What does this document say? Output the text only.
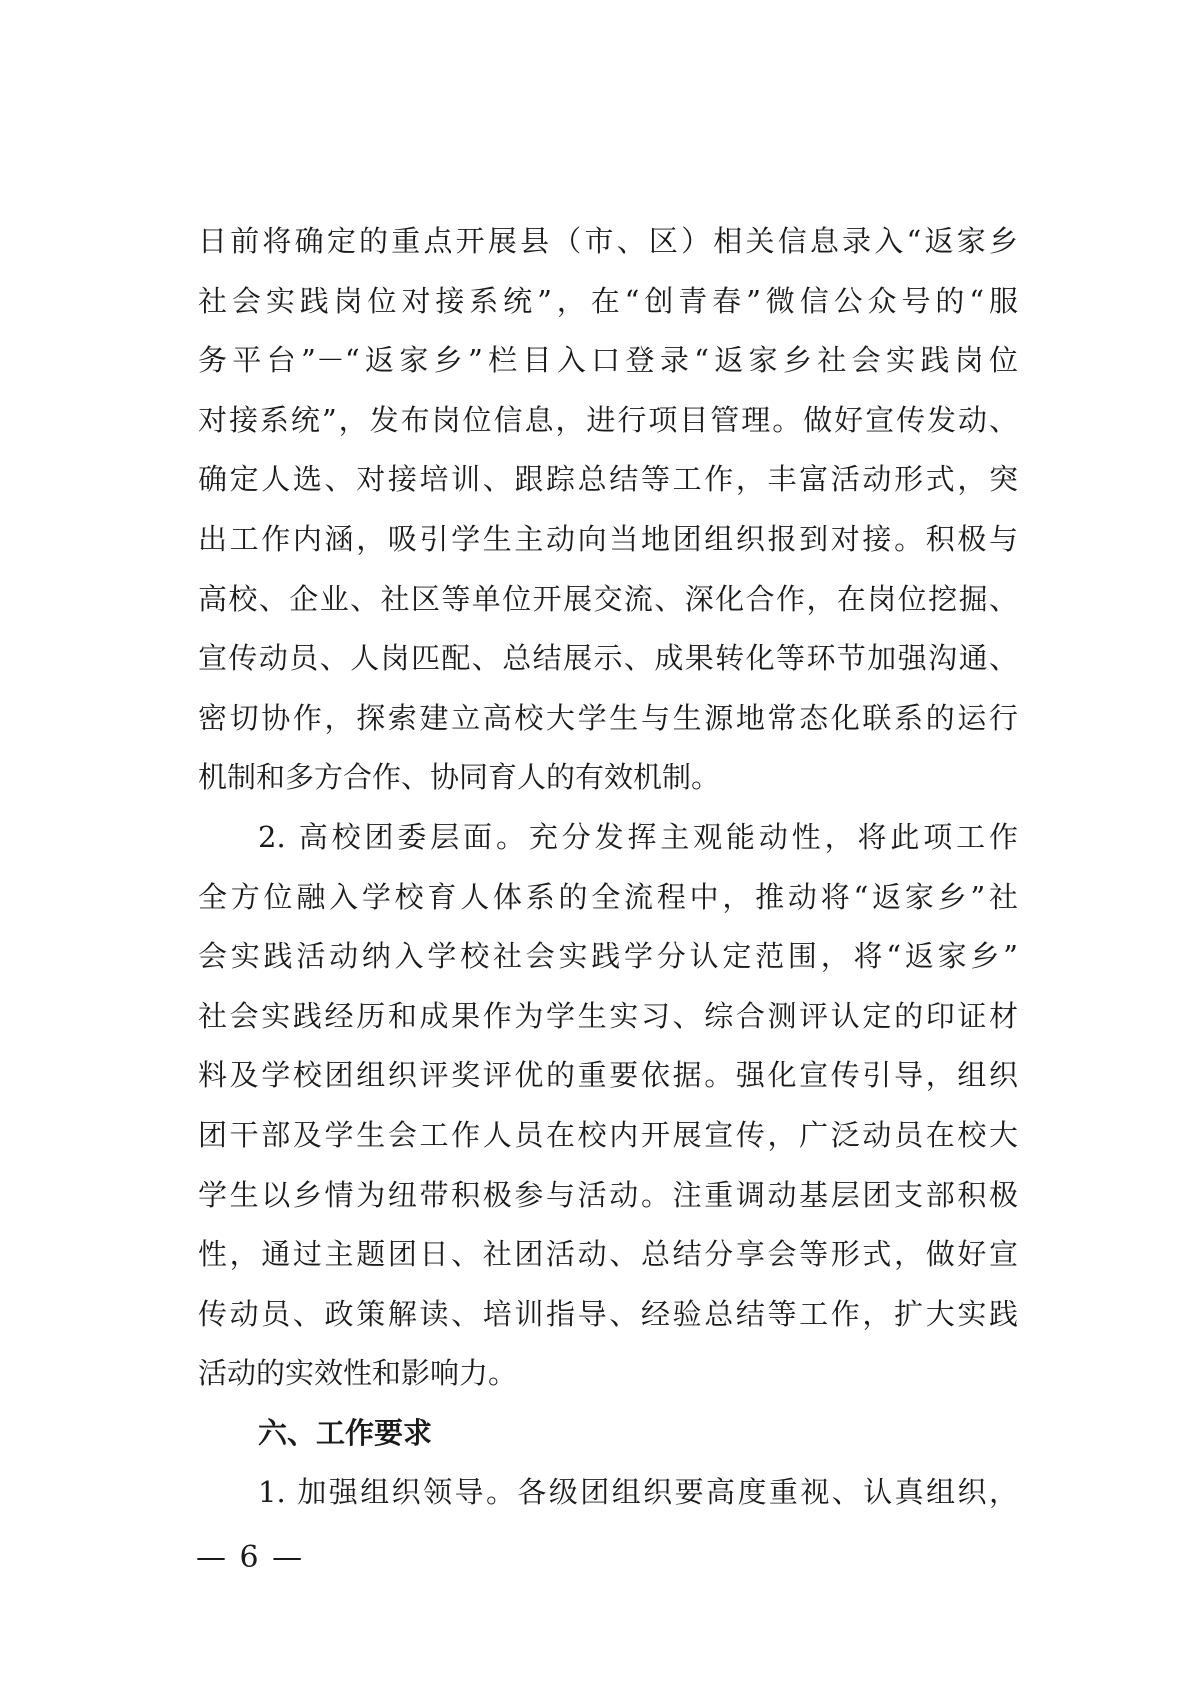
日前将确定的重点开展县（市、区）相关信息录入“返家乡
社会实践岗位对接系统”，在“创青春”微信公众号的“服
务平台”－“返家乡”栏目入口登录“返家乡社会实践岗位
对接系统”，发布岗位信息，进行项目管理。做好宣传发动、
确定人选、对接培训、跟踪总结等工作，丰富活动形式，突
出工作内涵，吸引学生主动向当地团组织报到对接。积极与
高校、企业、社区等单位开展交流、深化合作，在岗位挖掘、
宣传动员、人岗匹配、总结展示、成果转化等环节加强沟通、
密切协作，探索建立高校大学生与生源地常态化联系的运行
机制和多方合作、协同育人的有效机制。
2. 高校团委层面。充分发挥主观能动性，将此项工作
全方位融入学校育人体系的全流程中，推动将“返家乡”社
会实践活动纳入学校社会实践学分认定范围，将“返家乡”
社会实践经历和成果作为学生实习、综合测评认定的印证材
料及学校团组织评奖评优的重要依据。强化宣传引导，组织
团干部及学生会工作人员在校内开展宣传，广泛动员在校大
学生以乡情为纽带积极参与活动。注重调动基层团支部积极
性，通过主题团日、社团活动、总结分享会等形式，做好宣
传动员、政策解读、培训指导、经验总结等工作，扩大实践
活动的实效性和影响力。
六、工作要求
1. 加强组织领导。各级团组织要高度重视、认真组织，
— 6 —
